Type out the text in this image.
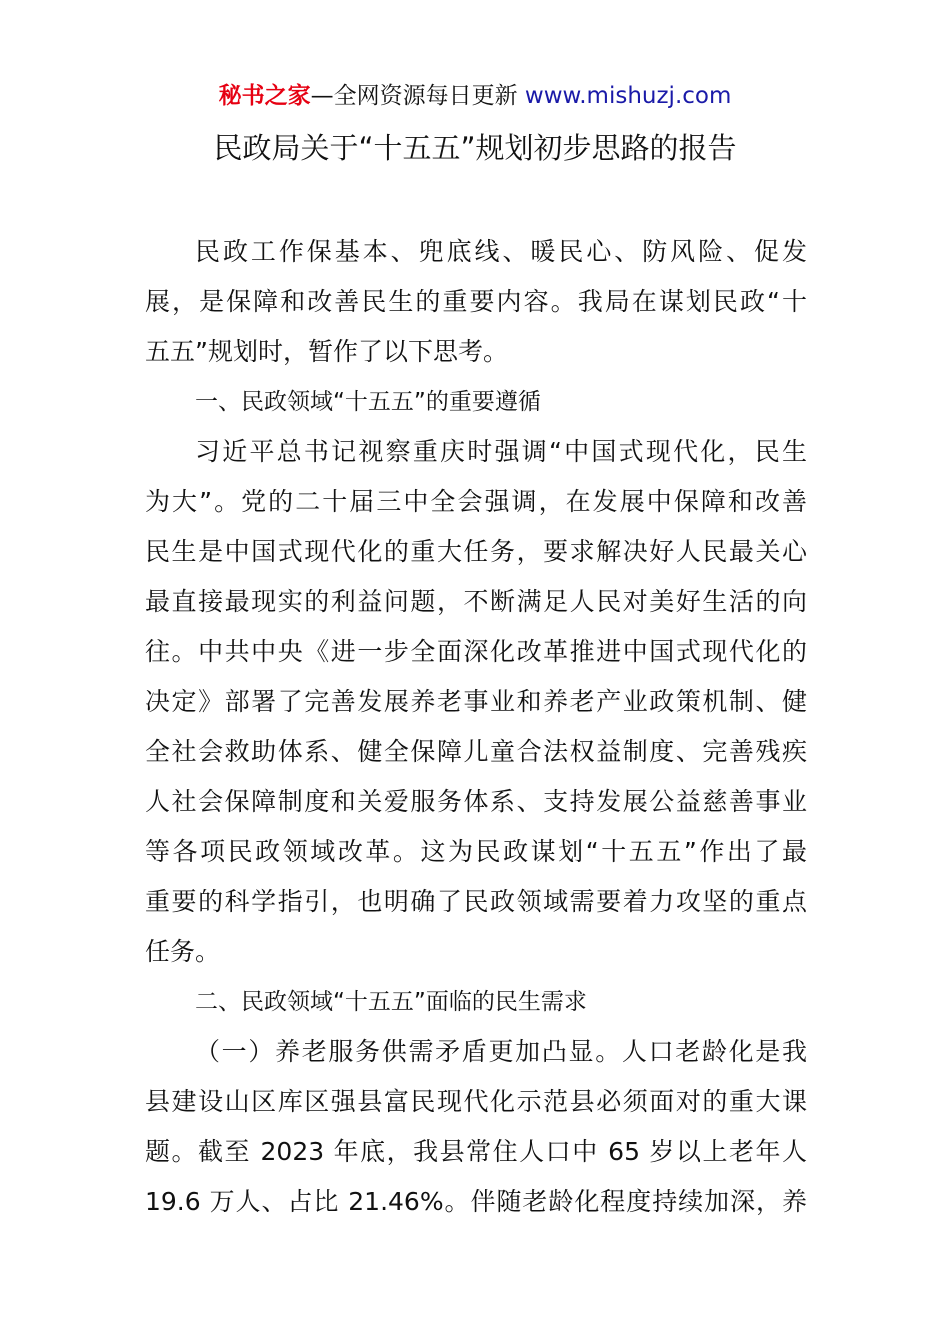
秘书之家—全网资源每日更新 www.mishuzj.com
民政局关于“十五五”规划初步思路的报告
民政工作保基本、兜底线、暖民心、防风险、促发
展，是保障和改善民生的重要内容。我局在谋划民政“十
五五”规划时，暂作了以下思考。
一、民政领域“十五五”的重要遵循
习近平总书记视察重庆时强调“中国式现代化，民生
为大”。党的二十届三中全会强调，在发展中保障和改善
民生是中国式现代化的重大任务，要求解决好人民最关心
最直接最现实的利益问题，不断满足人民对美好生活的向
往。中共中央《进一步全面深化改革推进中国式现代化的
决定》部署了完善发展养老事业和养老产业政策机制、健
全社会救助体系、健全保障儿童合法权益制度、完善残疾
人社会保障制度和关爱服务体系、支持发展公益慈善事业
等各项民政领域改革。这为民政谋划“十五五”作出了最
重要的科学指引，也明确了民政领域需要着力攻坚的重点
任务。
二、民政领域“十五五”面临的民生需求
（一）养老服务供需矛盾更加凸显。人口老龄化是我
县建设山区库区强县富民现代化示范县必须面对的重大课
题。截至 2023 年底，我县常住人口中 65 岁以上老年人
19.6 万人、占比 21.46%。伴随老龄化程度持续加深，养
